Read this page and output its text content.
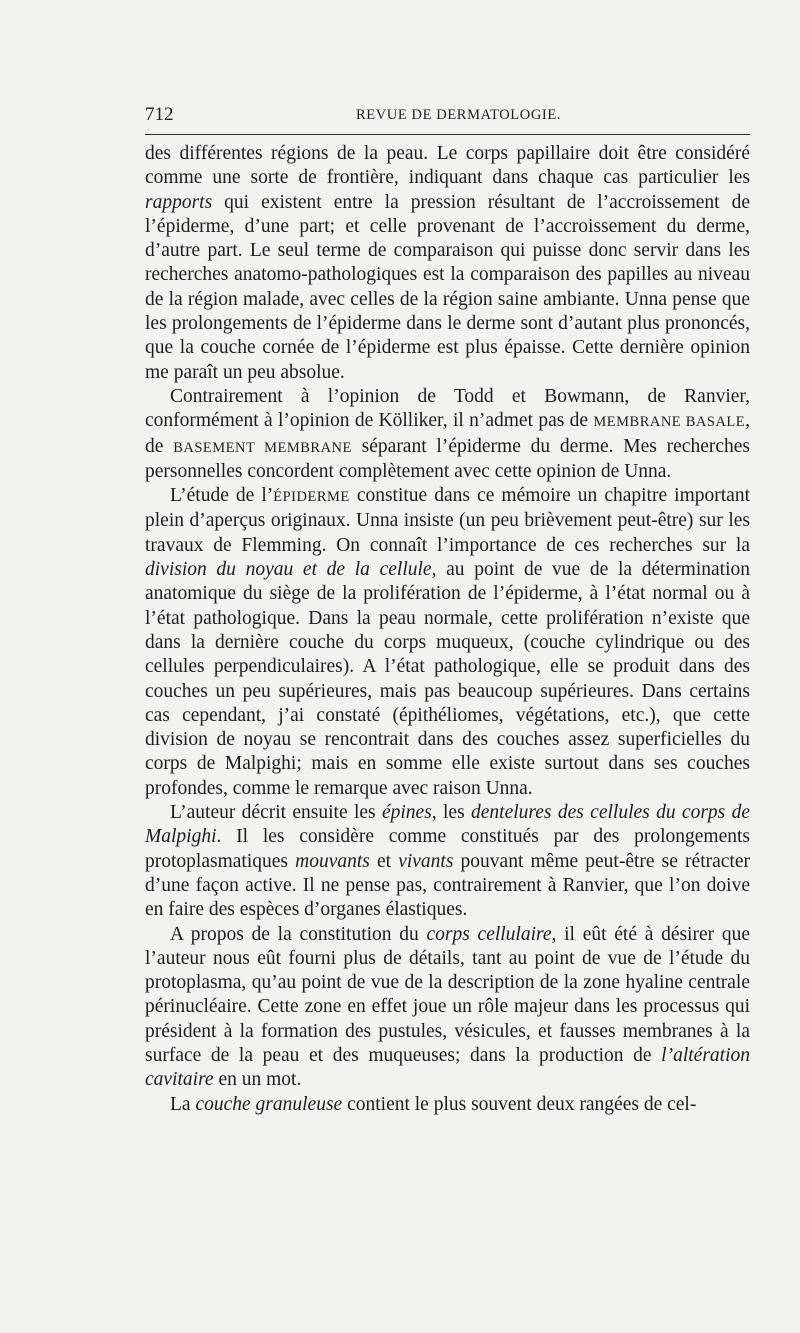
712	REVUE DE DERMATOLOGIE.

des différentes régions de la peau. Le corps papillaire doit être considéré comme une sorte de frontière, indiquant dans chaque cas particulier les rapports qui existent entre la pression résultant de l’accroissement de l’épiderme, d’une part; et celle provenant de l’accroissement du derme, d’autre part. Le seul terme de comparaison qui puisse donc servir dans les recherches anatomo-pathologiques est la comparaison des papilles au niveau de la région malade, avec celles de la région saine ambiante. Unna pense que les prolongements de l’épiderme dans le derme sont d’autant plus prononcés, que la couche cornée de l’épiderme est plus épaisse. Cette dernière opinion me paraît un peu absolue.

Contrairement à l’opinion de Todd et Bowmann, de Ranvier, conformément à l’opinion de Kölliker, il n’admet pas de MEMBRANE BASALE, de BASEMENT MEMBRANE séparant l’épiderme du derme. Mes recherches personnelles concordent complètement avec cette opinion de Unna.

L’étude de l’ÉPIDERME constitue dans ce mémoire un chapitre important plein d’aperçus originaux. Unna insiste (un peu brièvement peut-être) sur les travaux de Flemming. On connaît l’importance de ces recherches sur la division du noyau et de la cellule, au point de vue de la détermination anatomique du siège de la prolifération de l’épiderme, à l’état normal ou à l’état pathologique. Dans la peau normale, cette prolifération n’existe que dans la dernière couche du corps muqueux, (couche cylindrique ou des cellules perpendiculaires). A l’état pathologique, elle se produit dans des couches un peu supérieures, mais pas beaucoup supérieures. Dans certains cas cependant, j’ai constaté (épithéliomes, végétations, etc.), que cette division de noyau se rencontrait dans des couches assez superficielles du corps de Malpighi; mais en somme elle existe surtout dans ses couches profondes, comme le remarque avec raison Unna.

L’auteur décrit ensuite les épines, les dentelures des cellules du corps de Malpighi. Il les considère comme constitués par des prolongements protoplasmatiques mouvants et vivants pouvant même peut-être se rétracter d’une façon active. Il ne pense pas, contrairement à Ranvier, que l’on doive en faire des espèces d’organes élastiques.

A propos de la constitution du corps cellulaire, il eût été à désirer que l’auteur nous eût fourni plus de détails, tant au point de vue de l’étude du protoplasma, qu’au point de vue de la description de la zone hyaline centrale périnucléaire. Cette zone en effet joue un rôle majeur dans les processus qui président à la formation des pustules, vésicules, et fausses membranes à la surface de la peau et des muqueuses; dans la production de l’altération cavitaire en un mot.

La couche granuleuse contient le plus souvent deux rangées de cel-
